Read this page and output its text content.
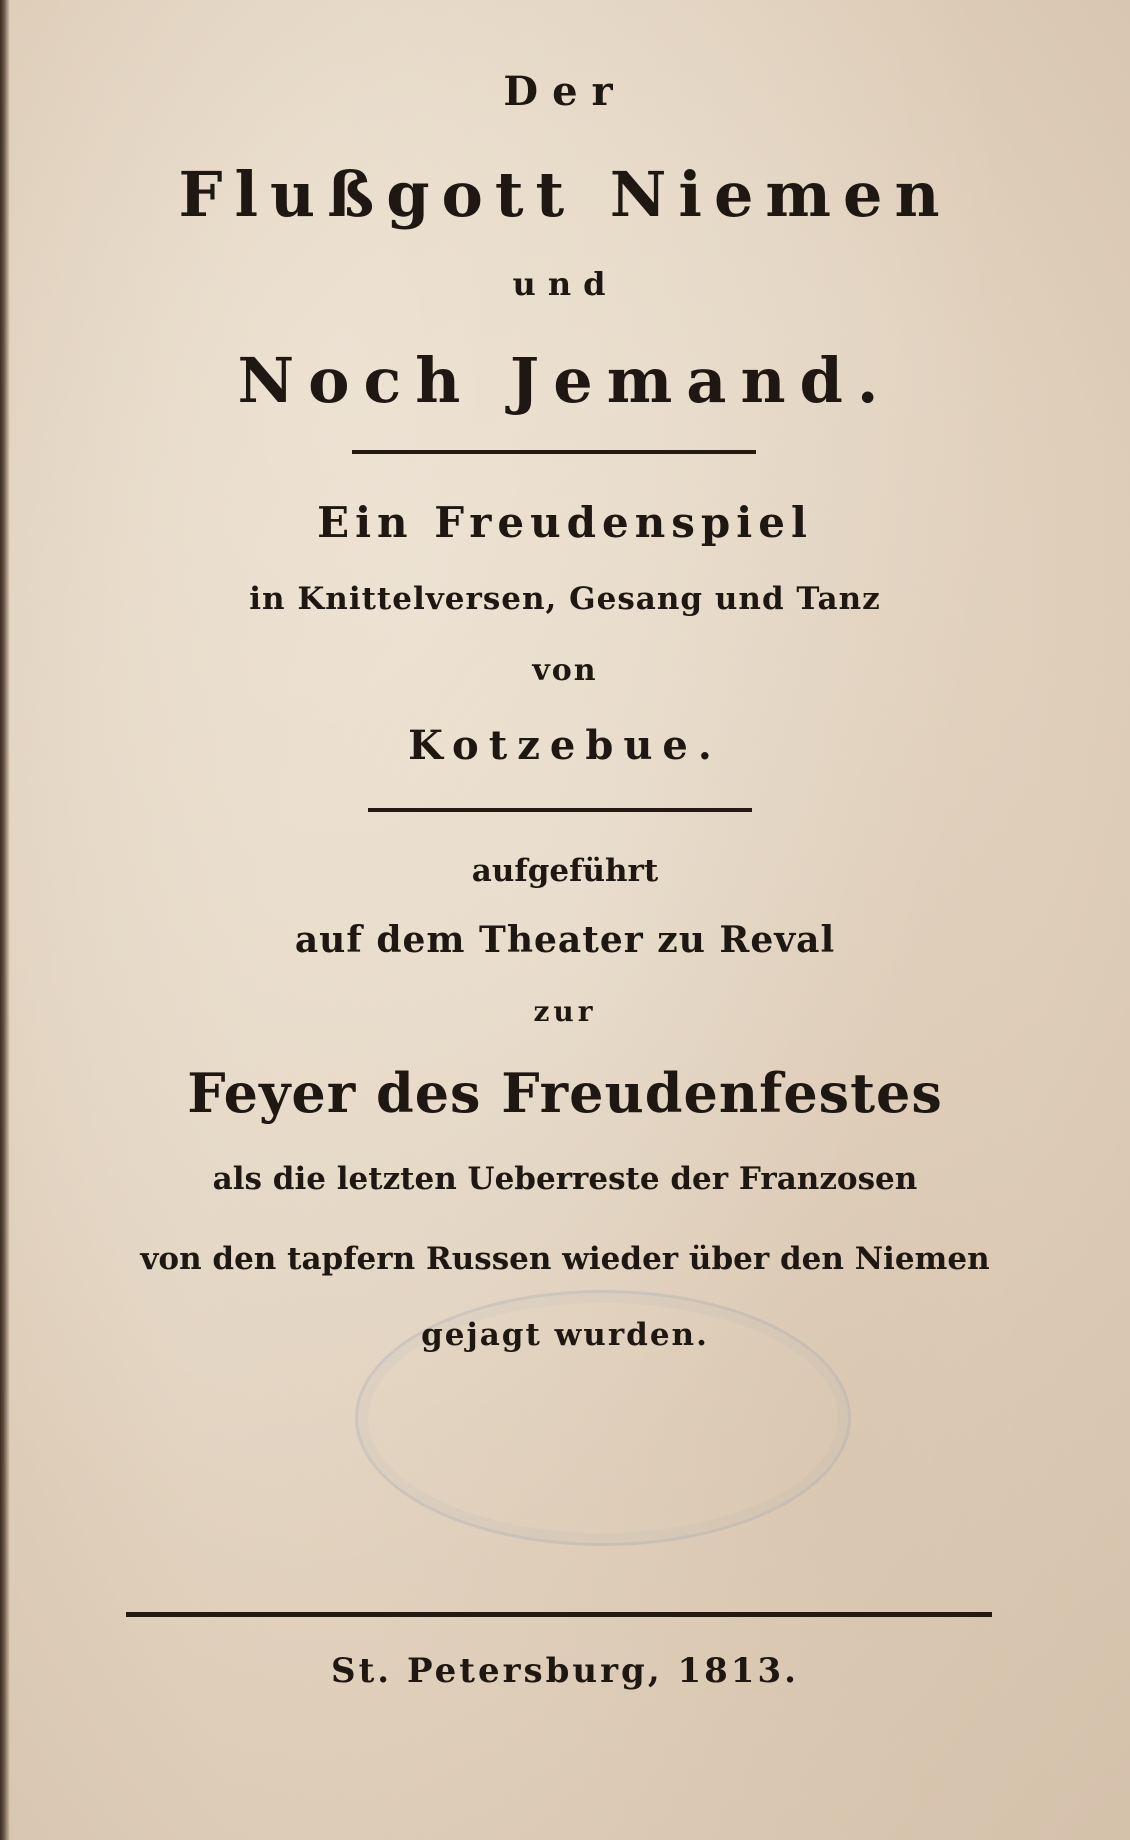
Der
Flußgott Niemen
und
Noch Jemand.
Ein Freudenspiel
in Knittelversen, Gesang und Tanz
von
Kotzebue.
aufgeführt
auf dem Theater zu Reval
zur
Feyer des Freudenfestes
als die letzten Ueberreste der Franzosen
von den tapfern Russen wieder über den Niemen
gejagt wurden.
St. Petersburg, 1813.
